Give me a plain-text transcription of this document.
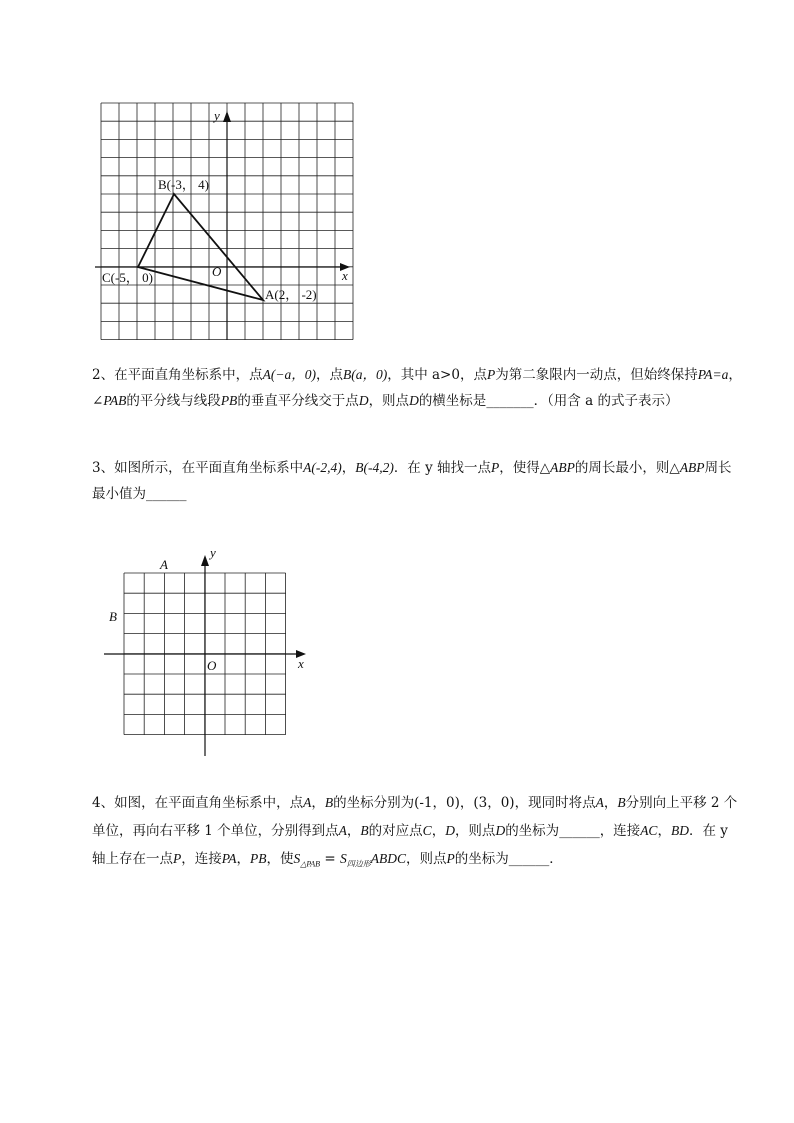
y
x
O
B(-3， 4)
C(-5， 0)
A(2， -2)

2、在平面直角坐标系中，点A(−a，0)，点B(a，0)，其中 a>0，点P为第二象限内一动点，但始终保持PA=a，∠PAB的平分线与线段PB的垂直平分线交于点D，则点D的横坐标是_______．（用含 a 的式子表示）

3、如图所示，在平面直角坐标系中A(-2,4)，B(-4,2)．在 y 轴找一点P，使得△ABP的周长最小，则△ABP周长最小值为______

y
x
O
A
B

4、如图，在平面直角坐标系中，点A，B的坐标分别为(-1，0)，(3，0)，现同时将点A，B分别向上平移 2 个单位，再向右平移 1 个单位，分别得到点A，B的对应点C，D，则点D的坐标为______，连接AC，BD．在 y 轴上存在一点P，连接PA，PB，使$S_{\triangle PAB}$ = $S_{四边形}ABDC$，则点P的坐标为______．
